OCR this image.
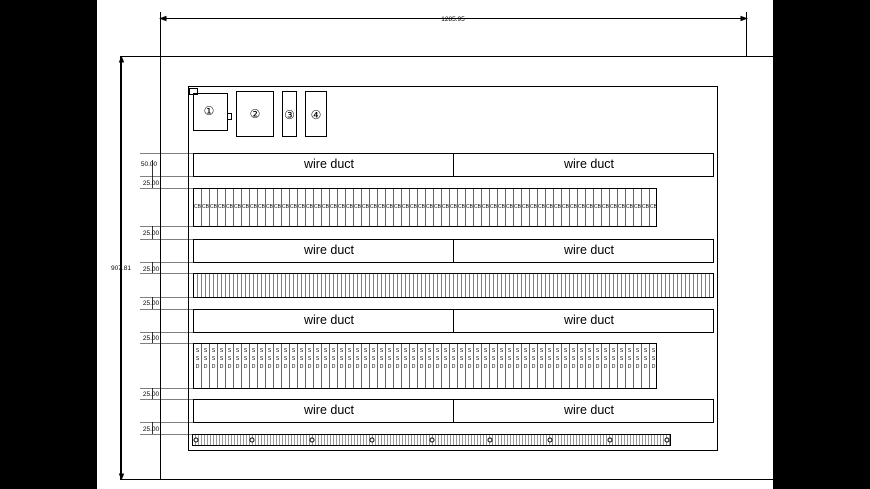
CB CB CB CB CB CB CB CB CB CB CB CB CB CB CB CB CB CB CB CB CB CB CB CB CB CB CB CB CB CB CB CB CB CB CB CB CB CB CB CB CB CB CB CB CB CB CB CB CB CB CB CB CB CB CB CB CB CB
S
S
D
S
S
D
S
S
D
S
S
D
S
S
D
S
S
D
S
S
D
S
S
D
S
S
D
S
S
D
S
S
D
S
S
D
S
S
D
S
S
D
S
S
D
S
S
D
S
S
D
S
S
D
S
S
D
S
S
D
S
S
D
S
S
D
S
S
D
S
S
D
S
S
D
S
S
D
S
S
D
S
S
D
S
S
D
S
S
D
S
S
D
S
S
D
S
S
D
S
S
D
S
S
D
S
S
D
S
S
D
S
S
D
S
S
D
S
S
D
S
S
D
S
S
D
S
S
D
S
S
D
S
S
D
S
S
D
S
S
D
S
S
D
S
S
D
S
S
D
S
S
D
S
S
D
S
S
D
S
S
D
S
S
D
S
S
D
S
S
D
S
S
D
1285.95
907.81
①	② ③ ④
wire duct	wire duct
wire duct	wire duct
wire duct	wire duct
wire duct	wire duct
50.00
25.00
25.00
25.00
25.00
25.00
25.00
25.00
